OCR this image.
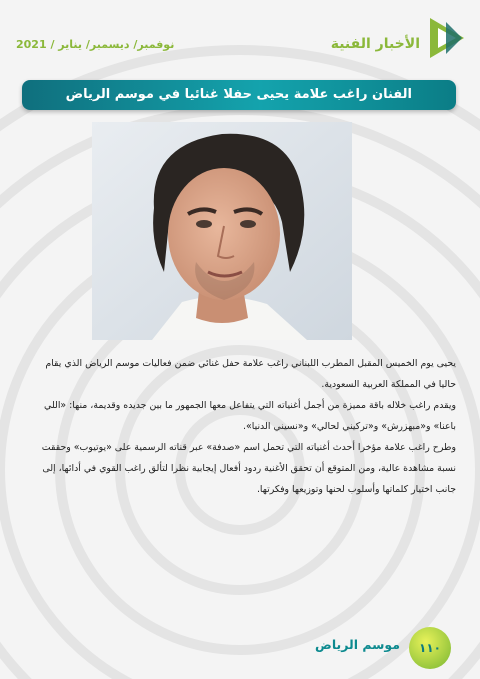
نوفمبر/ ديسمبر/ يناير / 2021	الأخبار الفنية
الفنان راغب علامة يحيى حفلا غنائيا في موسم الرياض

يحيى يوم الخميس المقبل المطرب اللبناني راغب علامة حفل غنائي ضمن فعاليات موسم الرياض الذي يقام حاليا في المملكة العربية السعودية.

ويقدم راغب خلاله باقة مميزة من أجمل أغنياته التي يتفاعل معها الجمهور ما بين جديده وقديمة، منها: «اللي باعنا» و«مبهزرش» و«تركيني لحالي» و«نسيني الدنيا».

وطرح راغب علامة مؤخرا أحدث أغنياته التي تحمل اسم «صدفة» عبر قناته الرسمية على «يوتيوب» وحققت نسبة مشاهدة عالية، ومن المتوقع أن تحقق الأغنية ردود أفعال إيجابية نظرا لتألق راغب القوي في أدائها، إلى جانب اختيار كلماتها وأسلوب لحنها وتوزيعها وفكرتها.

١١٠
موسم الرياض
